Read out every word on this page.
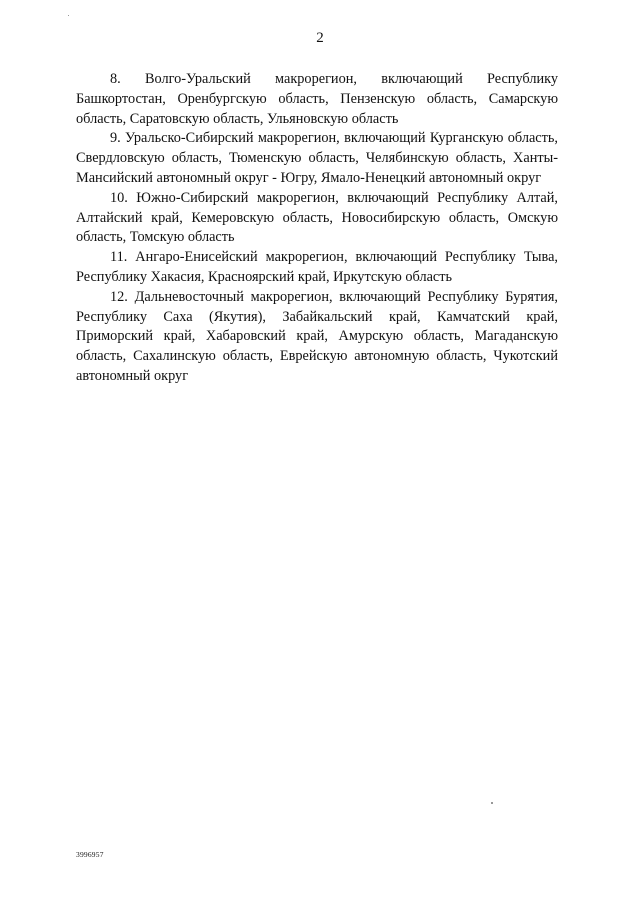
2

8. Волго-Уральский макрорегион, включающий Республику Башкортостан, Оренбургскую область, Пензенскую область, Самарскую область, Саратовскую область, Ульяновскую область

9. Уральско-Сибирский макрорегион, включающий Курганскую область, Свердловскую область, Тюменскую область, Челябинскую область, Ханты-Мансийский автономный округ - Югру, Ямало-Ненецкий автономный округ

10. Южно-Сибирский макрорегион, включающий Республику Алтай, Алтайский край, Кемеровскую область, Новосибирскую область, Омскую область, Томскую область

11. Ангаро-Енисейский макрорегион, включающий Республику Тыва, Республику Хакасия, Красноярский край, Иркутскую область

12. Дальневосточный макрорегион, включающий Республику Бурятия, Республику Саха (Якутия), Забайкальский край, Камчатский край, Приморский край, Хабаровский край, Амурскую область, Магаданскую область, Сахалинскую область, Еврейскую автономную область, Чукотский автономный округ

3996957
